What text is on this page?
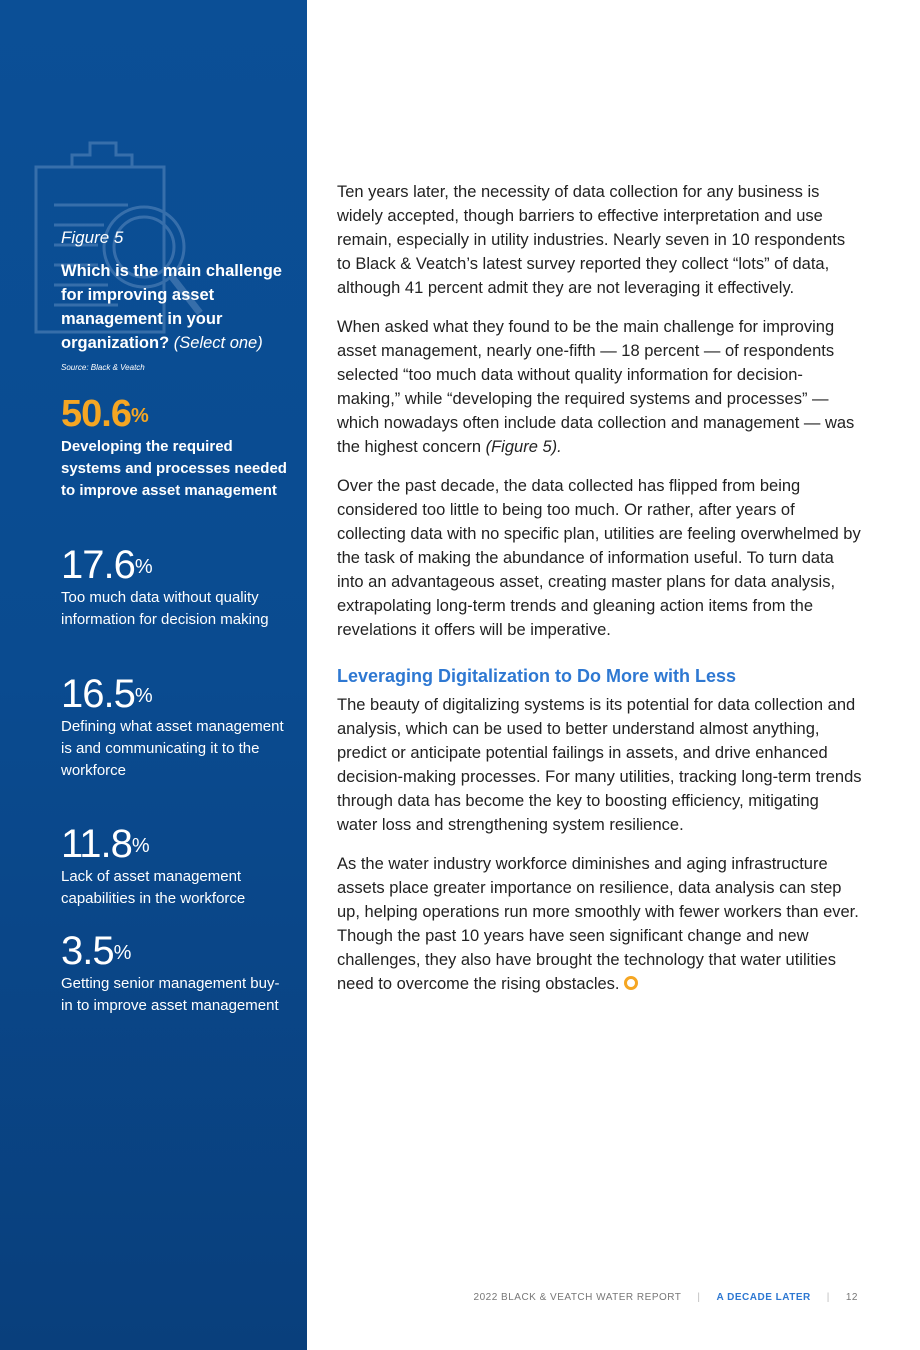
Figure 5

Which is the main challenge for improving asset management in your organization? (Select one)

Source: Black & Veatch
50.6%
Developing the required systems and processes needed to improve asset management
17.6%
Too much data without quality information for decision making
16.5%
Defining what asset management is and communicating it to the workforce
11.8%
Lack of asset management capabilities in the workforce
3.5%
Getting senior management buy-in to improve asset management

Ten years later, the necessity of data collection for any business is widely accepted, though barriers to effective interpretation and use remain, especially in utility industries. Nearly seven in 10 respondents to Black & Veatch’s latest survey reported they collect “lots” of data, although 41 percent admit they are not leveraging it effectively.

When asked what they found to be the main challenge for improving asset management, nearly one-fifth — 18 percent — of respondents selected “too much data without quality information for decision-making,” while “developing the required systems and processes” — which nowadays often include data collection and management — was the highest concern (Figure 5).

Over the past decade, the data collected has flipped from being considered too little to being too much. Or rather, after years of collecting data with no specific plan, utilities are feeling overwhelmed by the task of making the abundance of information useful. To turn data into an advantageous asset, creating master plans for data analysis, extrapolating long-term trends and gleaning action items from the revelations it offers will be imperative.

Leveraging Digitalization to Do More with Less

The beauty of digitalizing systems is its potential for data collection and analysis, which can be used to better understand almost anything, predict or anticipate potential failings in assets, and drive enhanced decision-making processes. For many utilities, tracking long-term trends through data has become the key to boosting efficiency, mitigating water loss and strengthening system resilience.

As the water industry workforce diminishes and aging infrastructure assets place greater importance on resilience, data analysis can step up, helping operations run more smoothly with fewer workers than ever. Though the past 10 years have seen significant change and new challenges, they also have brought the technology that water utilities need to overcome the rising obstacles.

2022 BLACK & VEATCH WATER REPORT | A DECADE LATER | 12
